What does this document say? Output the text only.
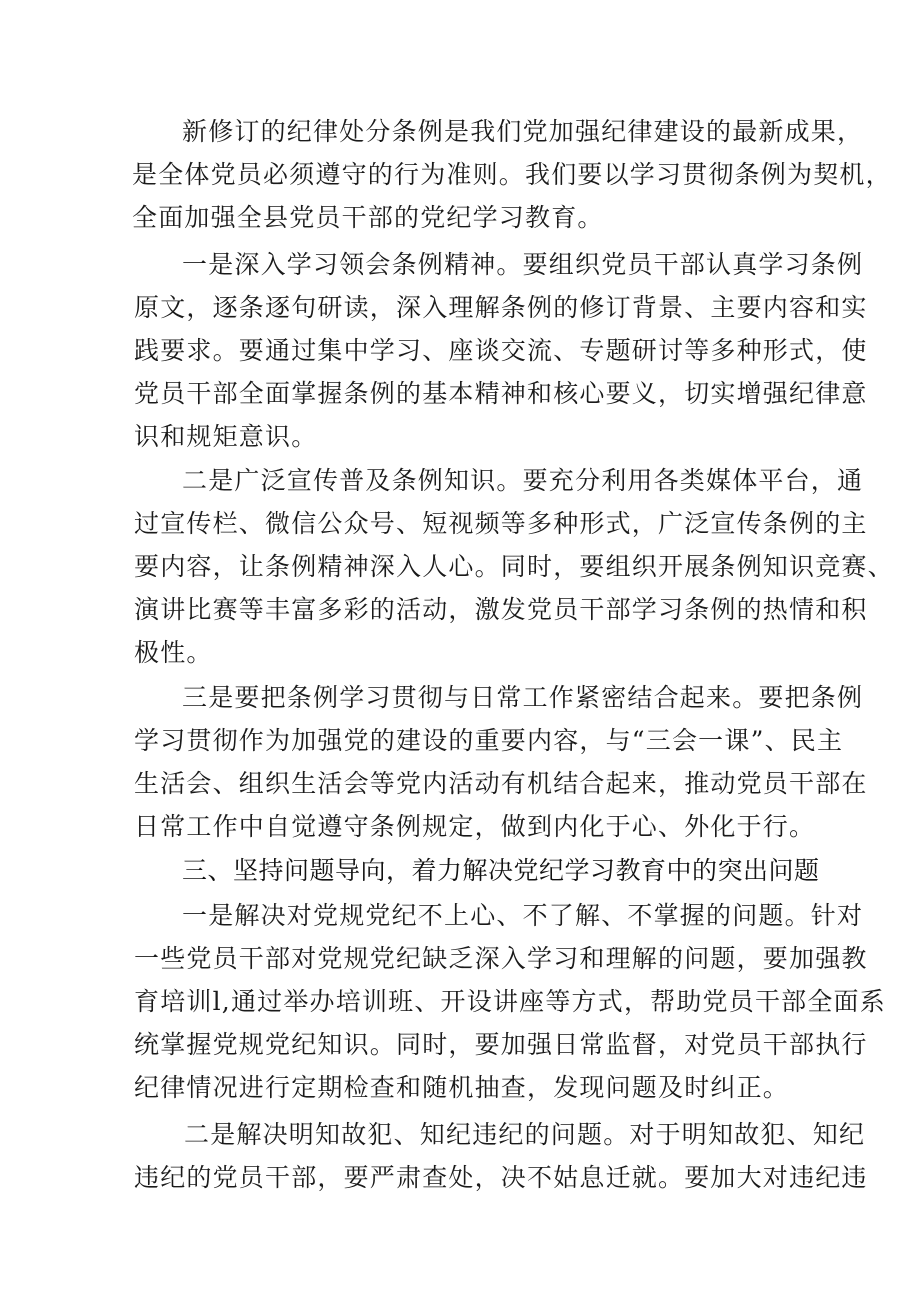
新修订的纪律处分条例是我们党加强纪律建设的最新成果，
是全体党员必须遵守的行为准则。我们要以学习贯彻条例为契机，
全面加强全县党员干部的党纪学习教育。
一是深入学习领会条例精神。要组织党员干部认真学习条例
原文，逐条逐句研读，深入理解条例的修订背景、主要内容和实
践要求。要通过集中学习、座谈交流、专题研讨等多种形式，使
党员干部全面掌握条例的基本精神和核心要义，切实增强纪律意
识和规矩意识。
二是广泛宣传普及条例知识。要充分利用各类媒体平台，通
过宣传栏、微信公众号、短视频等多种形式，广泛宣传条例的主
要内容，让条例精神深入人心。同时，要组织开展条例知识竞赛、
演讲比赛等丰富多彩的活动，激发党员干部学习条例的热情和积
极性。
三是要把条例学习贯彻与日常工作紧密结合起来。要把条例
学习贯彻作为加强党的建设的重要内容，与“三会一课”、民主
生活会、组织生活会等党内活动有机结合起来，推动党员干部在
日常工作中自觉遵守条例规定，做到内化于心、外化于行。
三、坚持问题导向，着力解决党纪学习教育中的突出问题
一是解决对党规党纪不上心、不了解、不掌握的问题。针对
一些党员干部对党规党纪缺乏深入学习和理解的问题，要加强教
育培训l,通过举办培训班、开设讲座等方式，帮助党员干部全面系
统掌握党规党纪知识。同时，要加强日常监督，对党员干部执行
纪律情况进行定期检查和随机抽查，发现问题及时纠正。
二是解决明知故犯、知纪违纪的问题。对于明知故犯、知纪
违纪的党员干部，要严肃查处，决不姑息迁就。要加大对违纪违
